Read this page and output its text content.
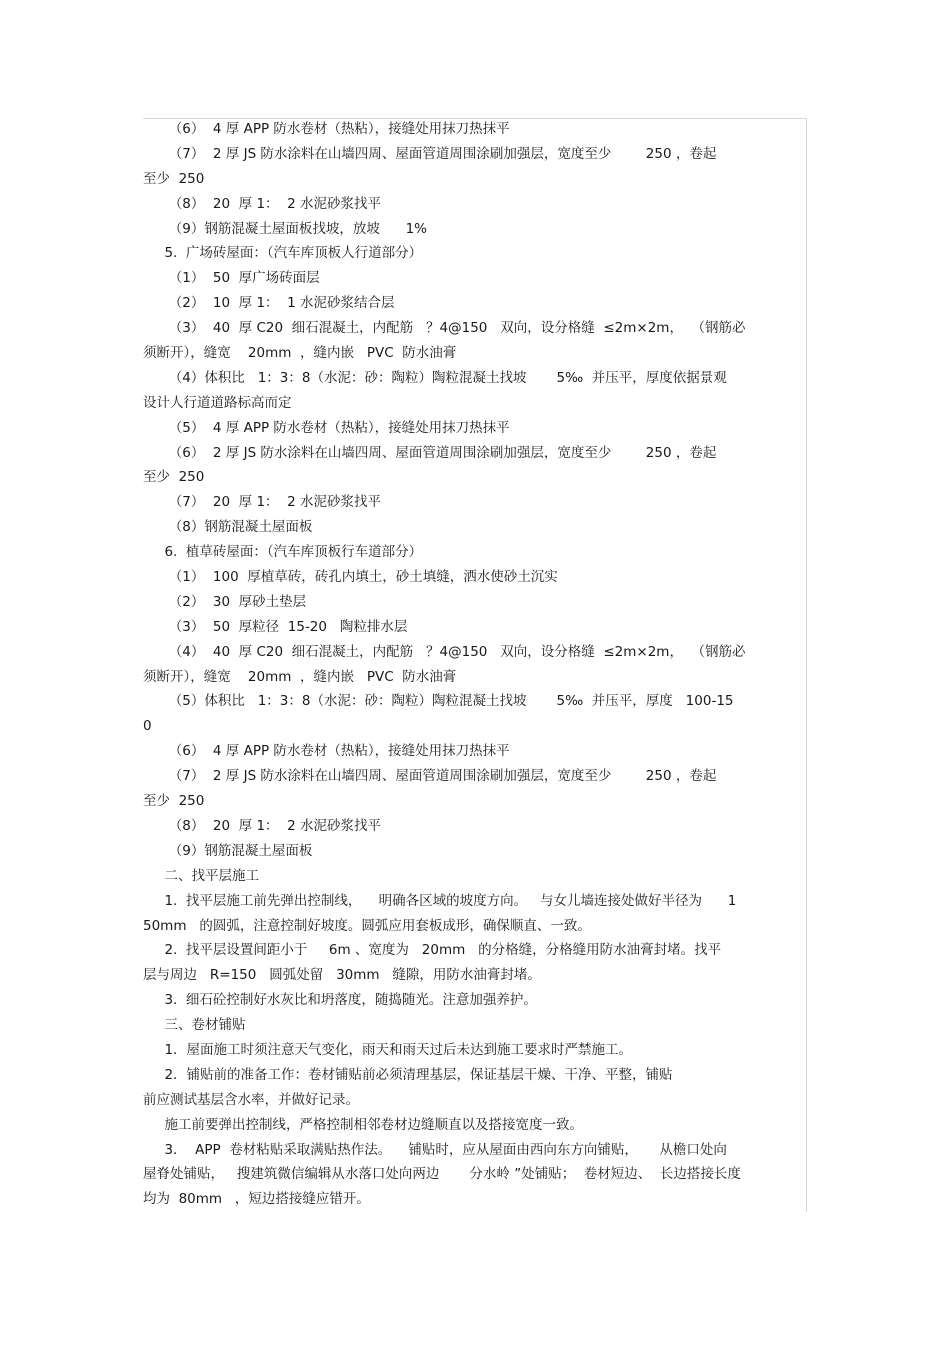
（6）  4 厚 APP 防水卷材（热粘），接缝处用抹刀热抹平
（7）  2 厚 JS 防水涂料在山墙四周、屋面管道周围涂刷加强层，宽度至少        250 ，卷起
至少  250
（8）  20  厚 1：  2 水泥砂浆找平
（9）钢筋混凝土屋面板找坡，放坡      1%
5.  广场砖屋面：（汽车库顶板人行道部分）
（1）  50  厚广场砖面层
（2）  10  厚 1：  1 水泥砂浆结合层
（3）  40  厚 C20  细石混凝土，内配筋   ？4@150   双向，设分格缝  ≤2m×2m，  （钢筋必
须断开），缝宽    20mm  ，缝内嵌   PVC  防水油膏
（4）体积比   1：3：8（水泥：砂：陶粒）陶粒混凝土找坡       5‰  并压平，厚度依据景观
设计人行道道路标高而定
（5）  4 厚 APP 防水卷材（热粘），接缝处用抹刀热抹平
（6）  2 厚 JS 防水涂料在山墙四周、屋面管道周围涂刷加强层，宽度至少        250 ，卷起
至少  250
（7）  20  厚 1：  2 水泥砂浆找平
（8）钢筋混凝土屋面板
6.  植草砖屋面：（汽车库顶板行车道部分）
（1）  100  厚植草砖，砖孔内填土，砂土填缝，洒水使砂土沉实
（2）  30  厚砂土垫层
（3）  50  厚粒径  15-20   陶粒排水层
（4）  40  厚 C20  细石混凝土，内配筋   ？4@150   双向，设分格缝  ≤2m×2m，  （钢筋必
须断开），缝宽    20mm  ，缝内嵌   PVC  防水油膏
（5）体积比   1：3：8（水泥：砂：陶粒）陶粒混凝土找坡       5‰  并压平，厚度   100-15
0
（6）  4 厚 APP 防水卷材（热粘），接缝处用抹刀热抹平
（7）  2 厚 JS 防水涂料在山墙四周、屋面管道周围涂刷加强层，宽度至少        250 ，卷起
至少  250
（8）  20  厚 1：  2 水泥砂浆找平
（9）钢筋混凝土屋面板
二、找平层施工
1.  找平层施工前先弹出控制线，    明确各区域的坡度方向。   与女儿墙连接处做好半径为      1
50mm   的圆弧，注意控制好坡度。圆弧应用套板成形，确保顺直、一致。
2.  找平层设置间距小于     6m 、宽度为   20mm   的分格缝，分格缝用防水油膏封堵。找平
层与周边   R=150   圆弧处留   30mm   缝隙，用防水油膏封堵。
3.  细石砼控制好水灰比和坍落度，随捣随光。注意加强养护。
三、卷材铺贴
1．屋面施工时须注意天气变化，雨天和雨天过后未达到施工要求时严禁施工。
2．铺贴前的准备工作：卷材铺贴前必须清理基层，保证基层干燥、干净、平整，铺贴
前应测试基层含水率，并做好记录。
施工前要弹出控制线，严格控制相邻卷材边缝顺直以及搭接宽度一致。
3．  APP  卷材粘贴采取满贴热作法。    铺贴时，应从屋面由西向东方向铺贴，     从檐口处向
屋脊处铺贴，   搜建筑微信编辑从水落口处向两边       分水岭 ”处铺贴；  卷材短边、  长边搭接长度
均为  80mm   ，短边搭接缝应错开。
